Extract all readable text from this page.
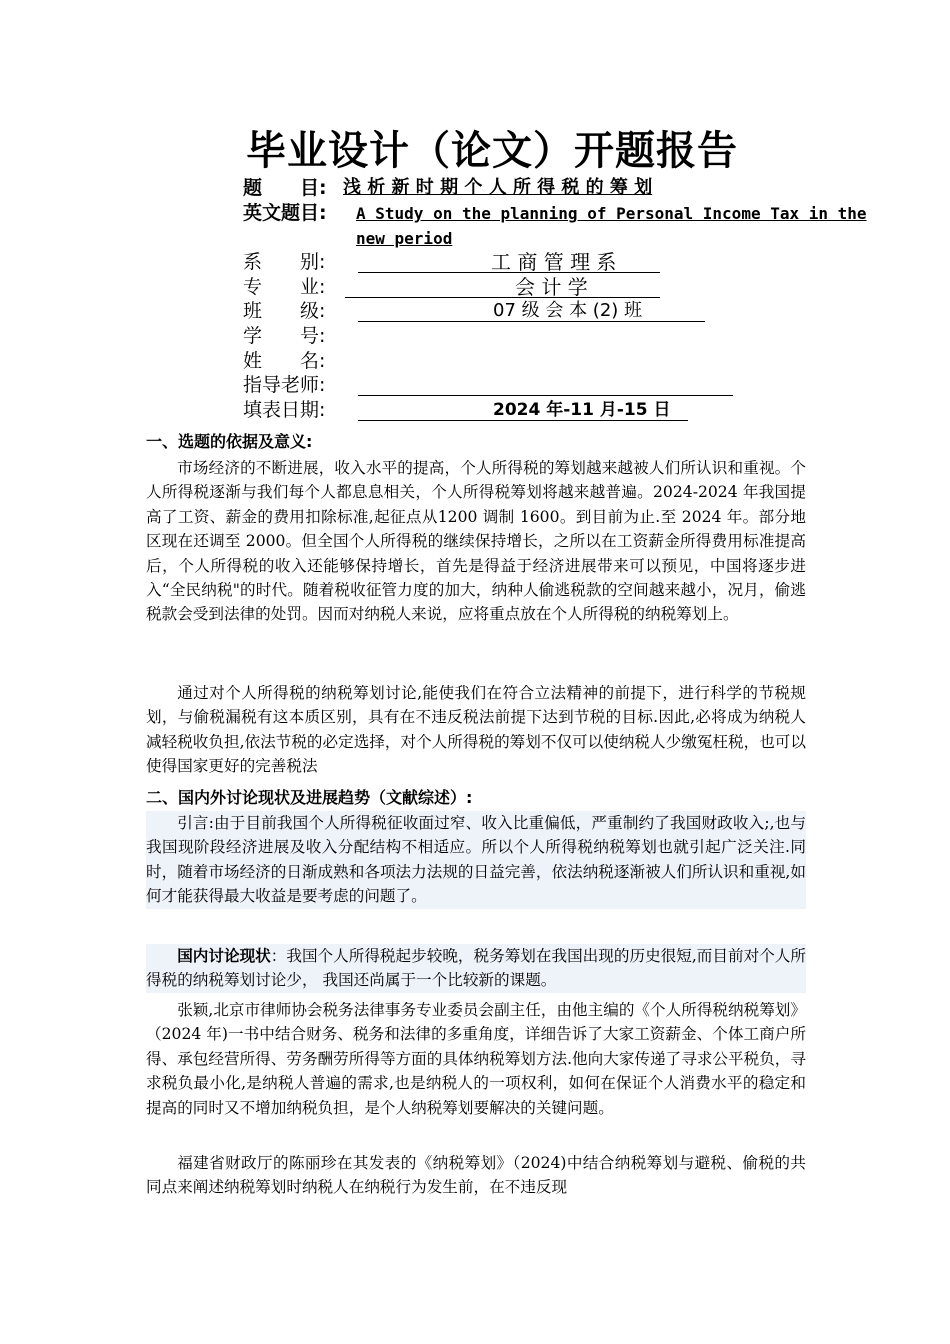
毕业设计（论文）开题报告
题　　目: 浅 析 新 时 期 个 人 所 得 税 的 筹 划
英文题目: A Study on the planning of Personal Income Tax in the
new period
系　　别:	工 商 管 理 系
专　　业:	会 计 学
班　　级:	07 级 会 本 (2) 班
学　　号:
姓　　名:
指导老师:
填表日期:	2024 年-11 月-15 日
一、选题的依据及意义:
市场经济的不断进展，收入水平的提高，个人所得税的筹划越来越被人们所认识和重视。个人所得税逐渐与我们每个人都息息相关，个人所得税筹划将越来越普遍。2024-2024 年我国提高了工资、薪金的费用扣除标准,起征点从1200 调制 1600。到目前为止.至 2024 年。部分地区现在还调至 2000。但全国个人所得税的继续保持增长，之所以在工资薪金所得费用标准提高后，个人所得税的收入还能够保持增长，首先是得益于经济进展带来可以预见，中国将逐步进入“全民纳税"的时代。随着税收征管力度的加大，纳种人偷逃税款的空间越来越小，况月，偷逃税款会受到法律的处罚。因而对纳税人来说，应将重点放在个人所得税的纳税筹划上。
通过对个人所得税的纳税筹划讨论,能使我们在符合立法精神的前提下，进行科学的节税规划，与偷税漏税有这本质区别，具有在不违反税法前提下达到节税的目标.因此,必将成为纳税人减轻税收负担,依法节税的必定选择，对个人所得税的筹划不仅可以使纳税人少缴冤枉税，也可以使得国家更好的完善税法
二、国内外讨论现状及进展趋势（文献综述）:
引言:由于目前我国个人所得税征收面过窄、收入比重偏低，严重制约了我国财政收入;,也与我国现阶段经济进展及收入分配结构不相适应。所以个人所得税纳税筹划也就引起广泛关注.同时，随着市场经济的日渐成熟和各项法力法规的日益完善，依法纳税逐渐被人们所认识和重视,如何才能获得最大收益是要考虑的问题了。
国内讨论现状：我国个人所得税起步较晚，税务筹划在我国出现的历史很短,而目前对个人所得税的纳税筹划讨论少， 我国还尚属于一个比较新的课题。
张颖,北京市律师协会税务法律事务专业委员会副主任，由他主编的《个人所得税纳税筹划》（2024 年)一书中结合财务、税务和法律的多重角度，详细告诉了大家工资薪金、个体工商户所得、承包经营所得、劳务酬劳所得等方面的具体纳税筹划方法.他向大家传递了寻求公平税负，寻求税负最小化,是纳税人普遍的需求,也是纳税人的一项权利，如何在保证个人消费水平的稳定和提高的同时又不增加纳税负担，是个人纳税筹划要解决的关键问题。
福建省财政厅的陈丽珍在其发表的《纳税筹划》（2024)中结合纳税筹划与避税、偷税的共同点来阐述纳税筹划时纳税人在纳税行为发生前，在不违反现
